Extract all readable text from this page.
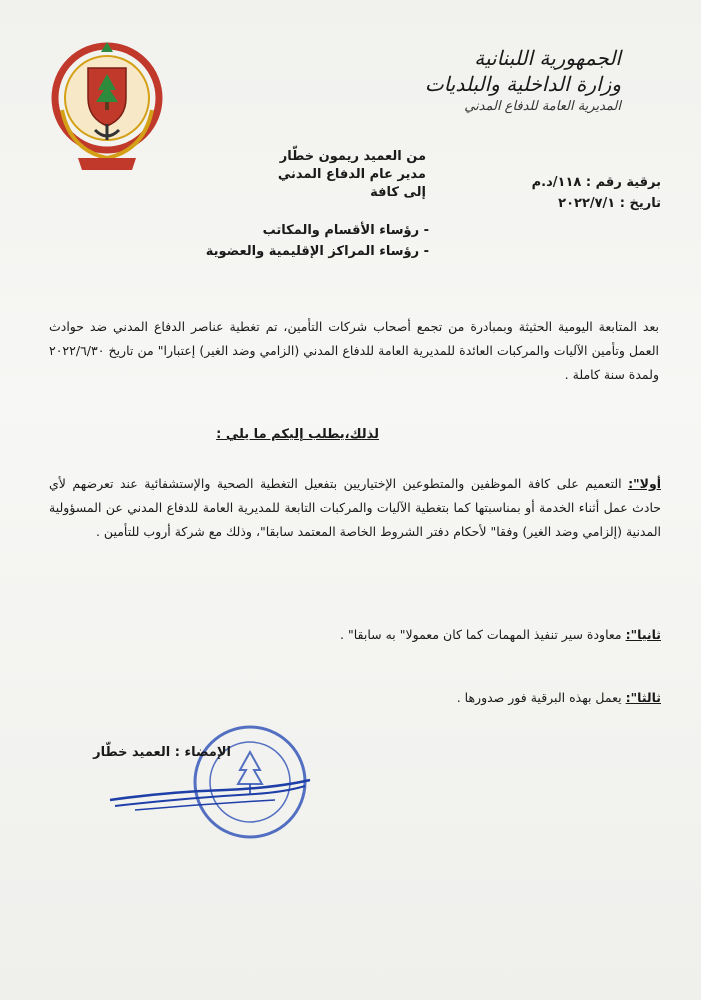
الجمهورية اللبنانية
وزارة الداخلية والبلديات
المديرية العامة للدفاع المدني
من العميد ريمون خطّار
مدير عام الدفاع المدني
إلى كافة
برقية رقم : ١١٨/د.م
تاريخ : ٢٠٢٢/٧/١
- رؤساء الأقسام والمكاتب
- رؤساء المراكز الإقليمية والعضوية
بعد المتابعة اليومية الحثيثة وبمبادرة من تجمع أصحاب شركات التأمين، تم تغطية عناصر الدفاع المدني ضد حوادث العمل وتأمين الآليات والمركبات العائدة للمديرية العامة للدفاع المدني (الزامي وضد الغير) إعتبارا" من تاريخ ٢٠٢٢/٦/٣٠ ولمدة سنة كاملة .
لذلك،يطلب إليكم ما يلي :
أولا": التعميم على كافة الموظفين والمتطوعين الإختياريين بتفعيل التغطية الصحية والإستشفائية عند تعرضهم لأي حادث عمل أثناء الخدمة أو بمناسبتها كما بتغطية الآليات والمركبات التابعة للمديرية العامة للدفاع المدني عن المسؤولية المدنية (إلزامي وضد الغير) وفقا" لأحكام دفتر الشروط الخاصة المعتمد سابقا"، وذلك مع شركة أروب للتأمين .
ثانيا": معاودة سير تنفيذ المهمات كما كان معمولا" به سابقا" .
ثالثا": يعمل بهذه البرقية فور صدورها .
الإمضاء : العميد خطّار
